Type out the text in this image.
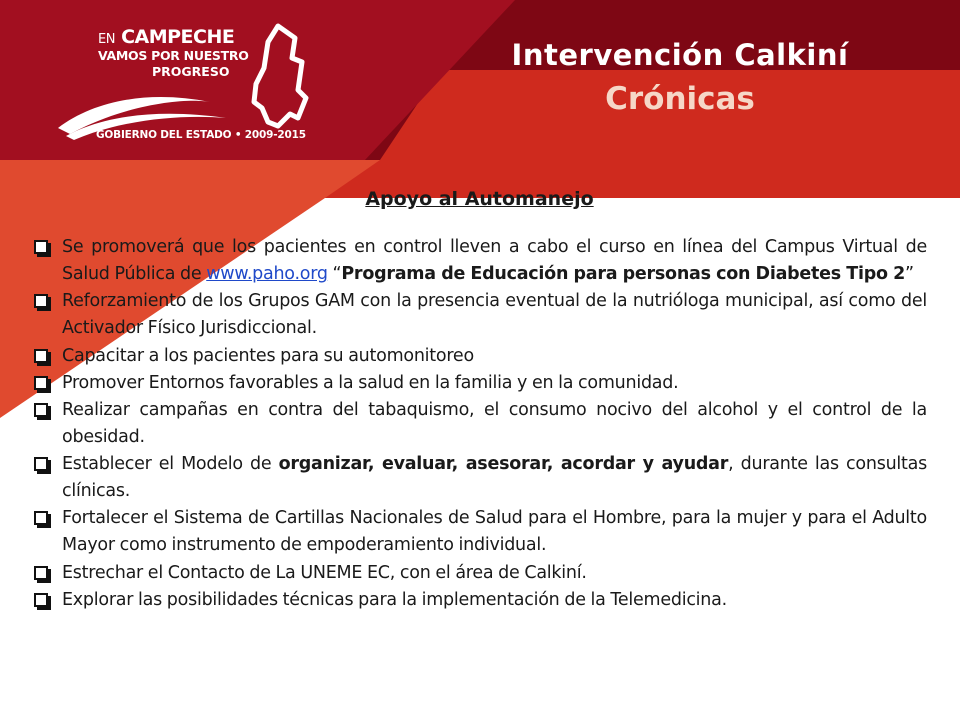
EN CAMPECHE
VAMOS POR NUESTRO
PROGRESO
GOBIERNO DEL ESTADO • 2009-2015
Intervención Calkiní
Crónicas
Apoyo al Automanejo
Se promoverá que los pacientes en control lleven a cabo el curso en línea del Campus Virtual de Salud Pública de www.paho.org “Programa de Educación para personas con Diabetes Tipo 2”
Reforzamiento de los Grupos GAM con la presencia eventual de la nutrióloga municipal, así como del Activador Físico Jurisdiccional.
Capacitar a los pacientes para su automonitoreo
Promover Entornos favorables a la salud en la familia y en la comunidad.
Realizar campañas en contra del tabaquismo, el consumo nocivo del alcohol y el control de la obesidad.
Establecer el Modelo de organizar, evaluar, asesorar, acordar y ayudar, durante las consultas clínicas.
Fortalecer el Sistema de Cartillas Nacionales de Salud para el Hombre, para la mujer y para el Adulto Mayor como instrumento de empoderamiento individual.
Estrechar el Contacto de La UNEME EC, con el área de Calkiní.
Explorar las posibilidades técnicas para la implementación de la Telemedicina.
